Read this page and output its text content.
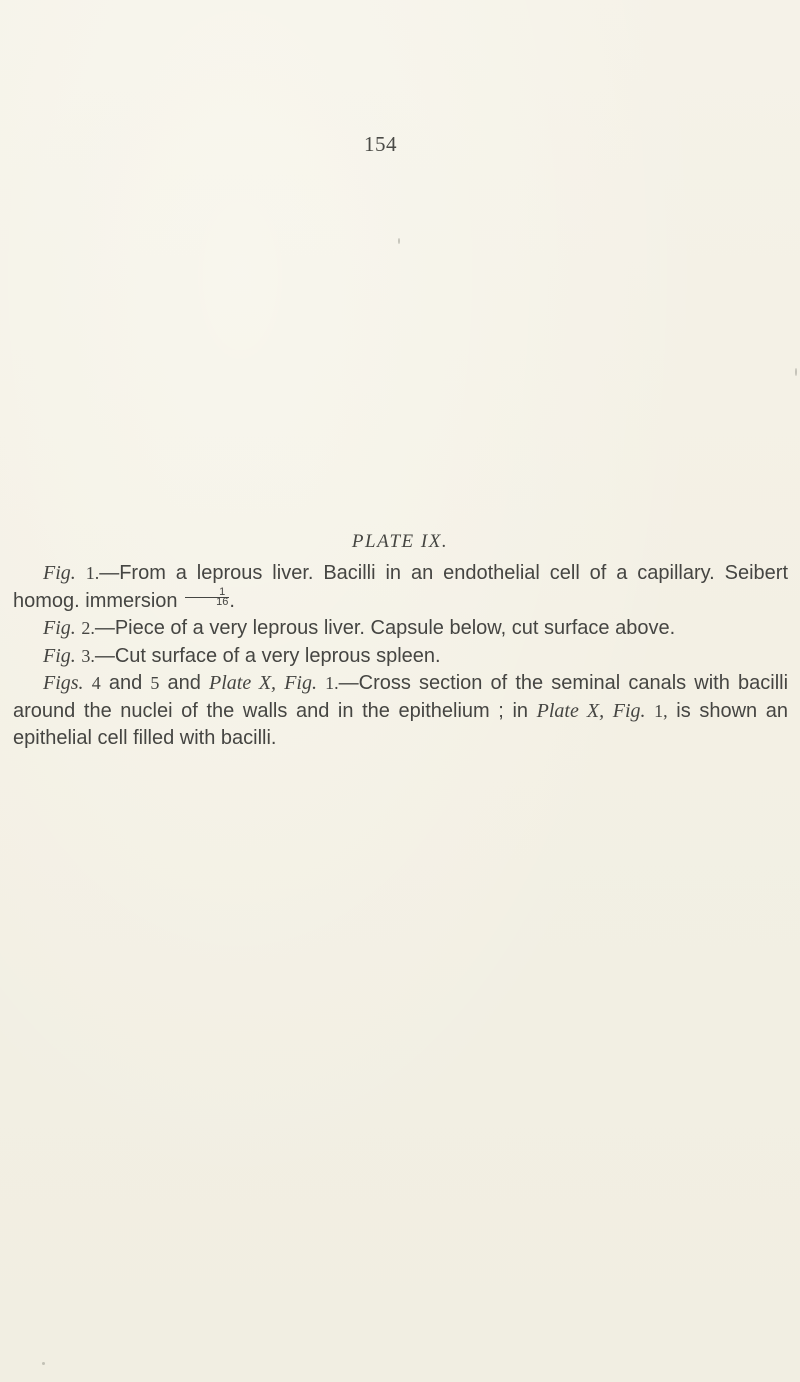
154
PLATE IX.

Fig. 1.—From a leprous liver. Bacilli in an endothelial cell of a capillary. Seibert homog. immersion $\frac{1}{16}$ .

Fig. 2.—Piece of a very leprous liver. Capsule below, cut surface above.

Fig. 3.—Cut surface of a very leprous spleen.

Figs. 4 and 5 and Plate X, Fig. 1.—Cross section of the seminal canals with bacilli around the nuclei of the walls and in the epithelium ; in Plate X, Fig. 1, is shown an epithelial cell filled with bacilli.
